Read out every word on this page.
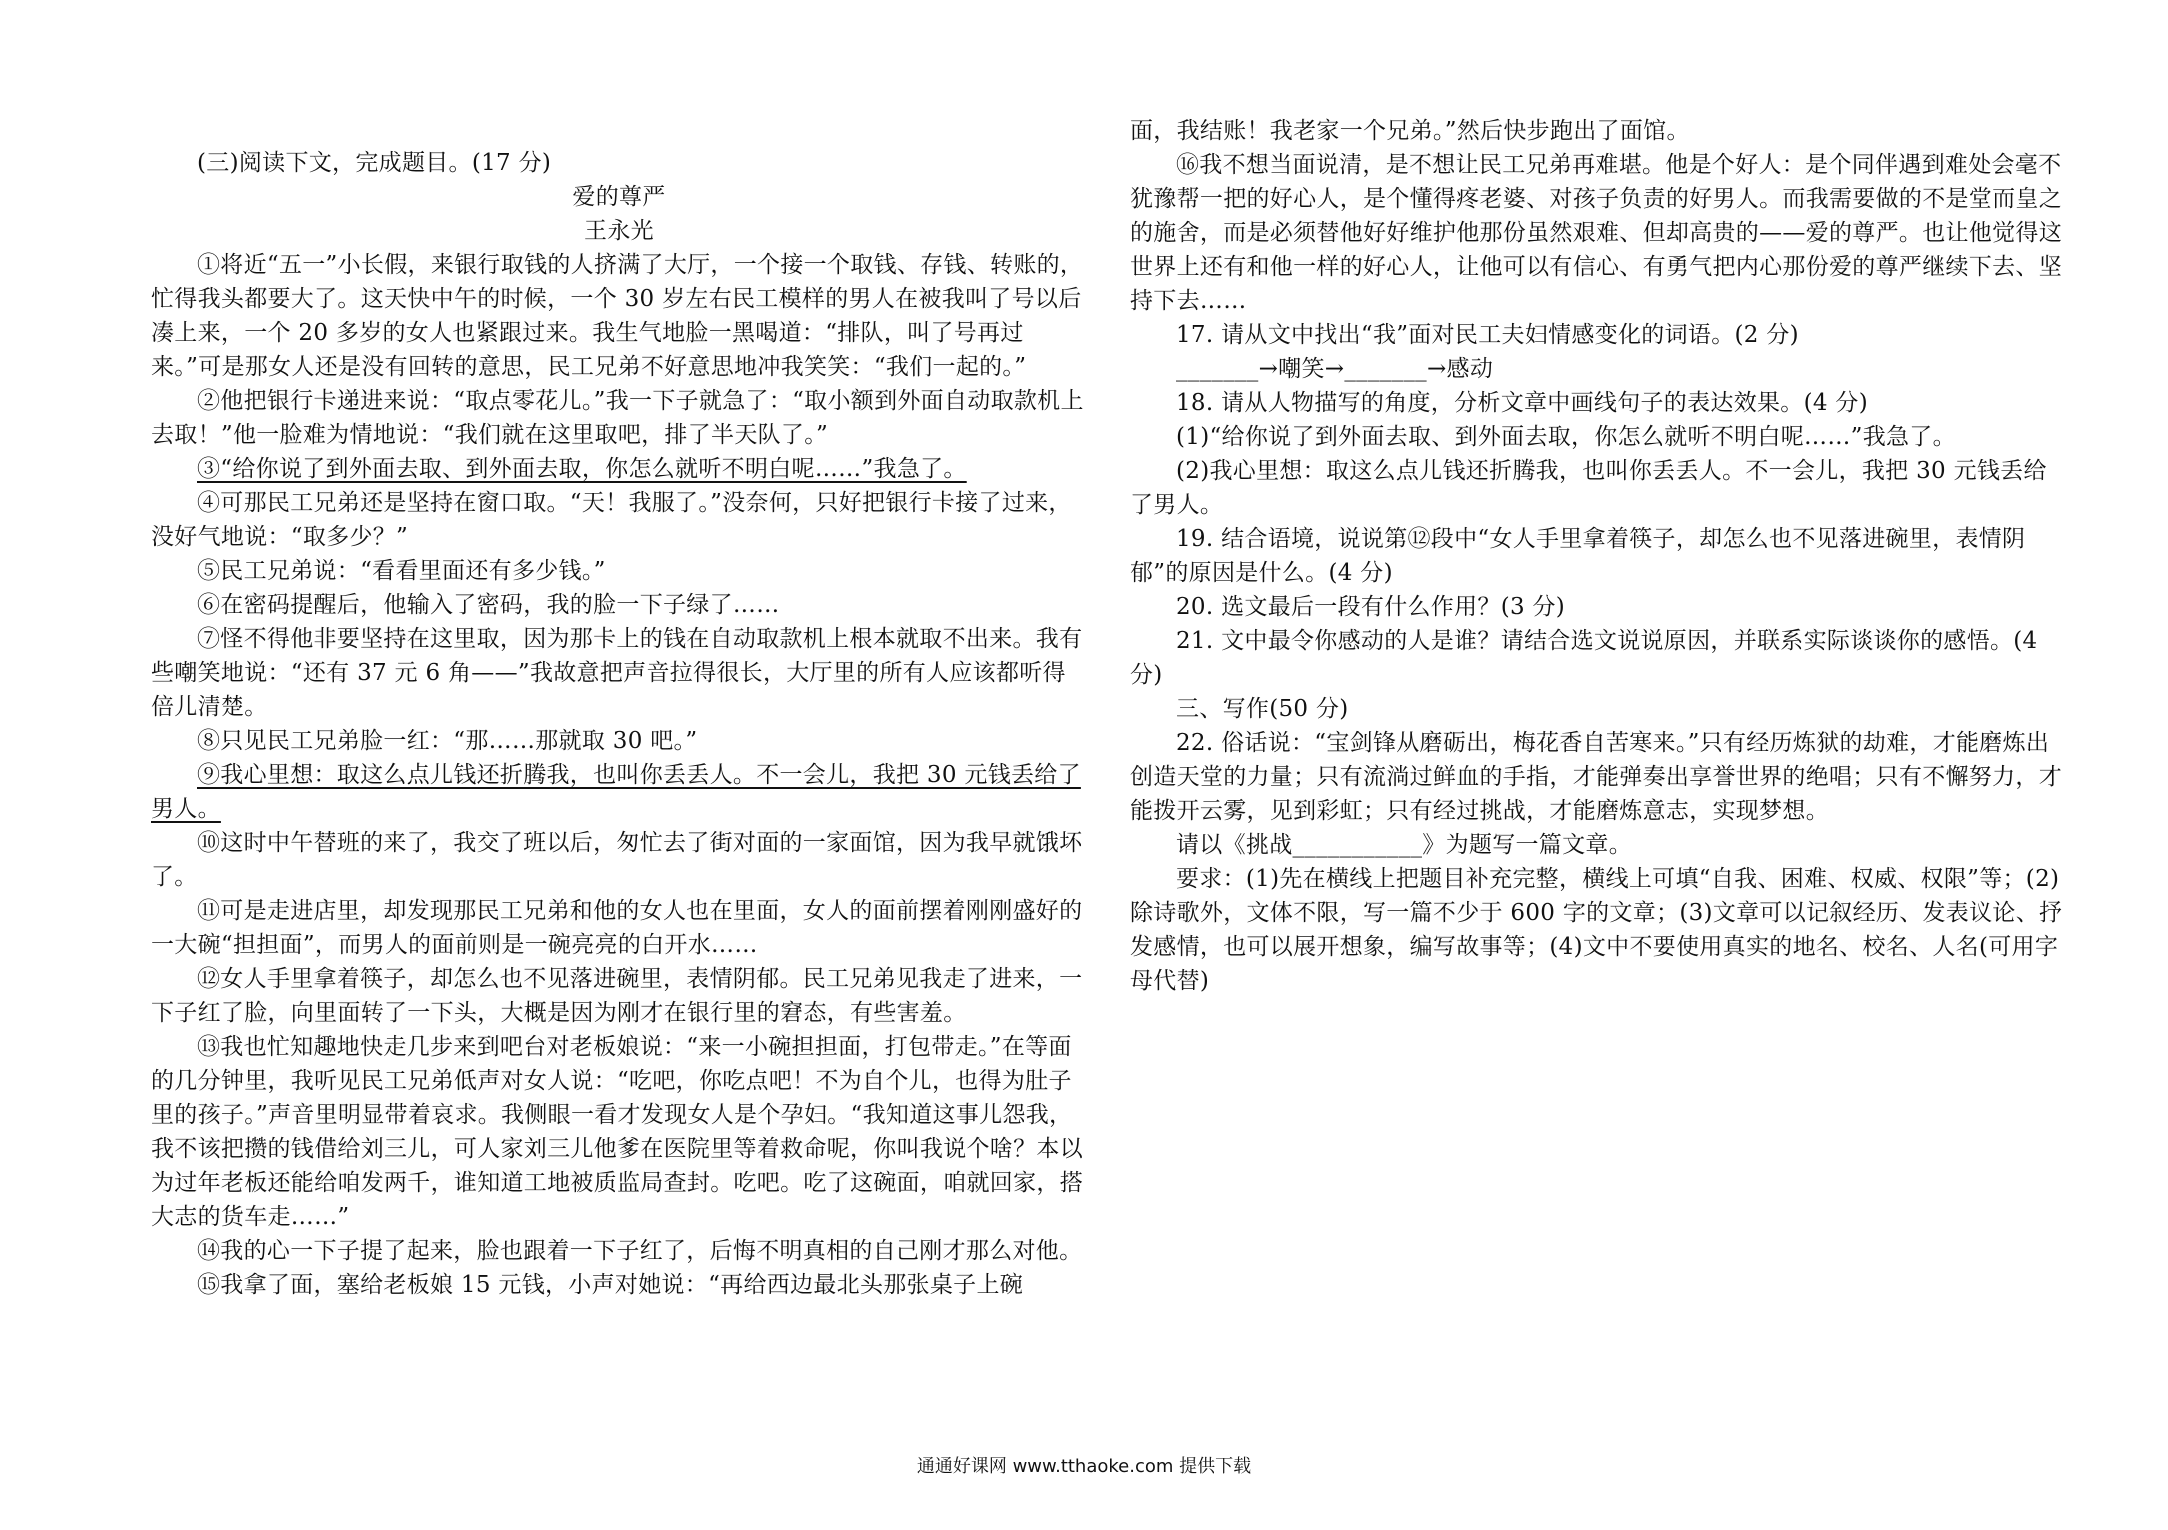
(三)阅读下文，完成题目。(17 分)

爱的尊严

王永光

①将近“五一”小长假，来银行取钱的人挤满了大厅，一个接一个取钱、存钱、转账的，忙得我头都要大了。这天快中午的时候，一个 30 岁左右民工模样的男人在被我叫了号以后凑上来，一个 20 多岁的女人也紧跟过来。我生气地脸一黑喝道：“排队，叫了号再过来。”可是那女人还是没有回转的意思，民工兄弟不好意思地冲我笑笑：“我们一起的。”

②他把银行卡递进来说：“取点零花儿。”我一下子就急了：“取小额到外面自动取款机上去取！”他一脸难为情地说：“我们就在这里取吧，排了半天队了。”

③“给你说了到外面去取、到外面去取，你怎么就听不明白呢……”我急了。

④可那民工兄弟还是坚持在窗口取。“天！我服了。”没奈何，只好把银行卡接了过来，没好气地说：“取多少？”

⑤民工兄弟说：“看看里面还有多少钱。”

⑥在密码提醒后，他输入了密码，我的脸一下子绿了……

⑦怪不得他非要坚持在这里取，因为那卡上的钱在自动取款机上根本就取不出来。我有些嘲笑地说：“还有 37 元 6 角——”我故意把声音拉得很长，大厅里的所有人应该都听得倍儿清楚。

⑧只见民工兄弟脸一红：“那……那就取 30 吧。”

⑨我心里想：取这么点儿钱还折腾我，也叫你丢丢人。不一会儿，我把 30 元钱丢给了男人。

⑩这时中午替班的来了，我交了班以后，匆忙去了街对面的一家面馆，因为我早就饿坏了。

⑪可是走进店里，却发现那民工兄弟和他的女人也在里面，女人的面前摆着刚刚盛好的一大碗“担担面”，而男人的面前则是一碗亮亮的白开水……

⑫女人手里拿着筷子，却怎么也不见落进碗里，表情阴郁。民工兄弟见我走了进来，一下子红了脸，向里面转了一下头，大概是因为刚才在银行里的窘态，有些害羞。

⑬我也忙知趣地快走几步来到吧台对老板娘说：“来一小碗担担面，打包带走。”在等面的几分钟里，我听见民工兄弟低声对女人说：“吃吧，你吃点吧！不为自个儿，也得为肚子里的孩子。”声音里明显带着哀求。我侧眼一看才发现女人是个孕妇。“我知道这事儿怨我，我不该把攒的钱借给刘三儿，可人家刘三儿他爹在医院里等着救命呢，你叫我说个啥？本以为过年老板还能给咱发两千，谁知道工地被质监局查封。吃吧。吃了这碗面，咱就回家，搭大志的货车走……”

⑭我的心一下子提了起来，脸也跟着一下子红了，后悔不明真相的自己刚才那么对他。

⑮我拿了面，塞给老板娘 15 元钱，小声对她说：“再给西边最北头那张桌子上碗

面，我结账！我老家一个兄弟。”然后快步跑出了面馆。

⑯我不想当面说清，是不想让民工兄弟再难堪。他是个好人：是个同伴遇到难处会毫不犹豫帮一把的好心人，是个懂得疼老婆、对孩子负责的好男人。而我需要做的不是堂而皇之的施舍，而是必须替他好好维护他那份虽然艰难、但却高贵的——爱的尊严。也让他觉得这世界上还有和他一样的好心人，让他可以有信心、有勇气把内心那份爱的尊严继续下去、坚持下去……

17. 请从文中找出“我”面对民工夫妇情感变化的词语。(2 分)

_______→嘲笑→_______→感动

18. 请从人物描写的角度，分析文章中画线句子的表达效果。(4 分)

(1)“给你说了到外面去取、到外面去取，你怎么就听不明白呢……”我急了。

(2)我心里想：取这么点儿钱还折腾我，也叫你丢丢人。不一会儿，我把 30 元钱丢给了男人。

19. 结合语境，说说第⑫段中“女人手里拿着筷子，却怎么也不见落进碗里，表情阴郁”的原因是什么。(4 分)

20. 选文最后一段有什么作用？(3 分)

21. 文中最令你感动的人是谁？请结合选文说说原因，并联系实际谈谈你的感悟。(4 分)

三、写作(50 分)

22. 俗话说：“宝剑锋从磨砺出，梅花香自苦寒来。”只有经历炼狱的劫难，才能磨炼出创造天堂的力量；只有流淌过鲜血的手指，才能弹奏出享誉世界的绝唱；只有不懈努力，才能拨开云雾，见到彩虹；只有经过挑战，才能磨炼意志，实现梦想。

请以《挑战___________》为题写一篇文章。

要求：(1)先在横线上把题目补充完整，横线上可填“自我、困难、权威、权限”等；(2)除诗歌外，文体不限，写一篇不少于 600 字的文章；(3)文章可以记叙经历、发表议论、抒发感情，也可以展开想象，编写故事等；(4)文中不要使用真实的地名、校名、人名(可用字母代替)

通通好课网 www.tthaoke.com 提供下载
